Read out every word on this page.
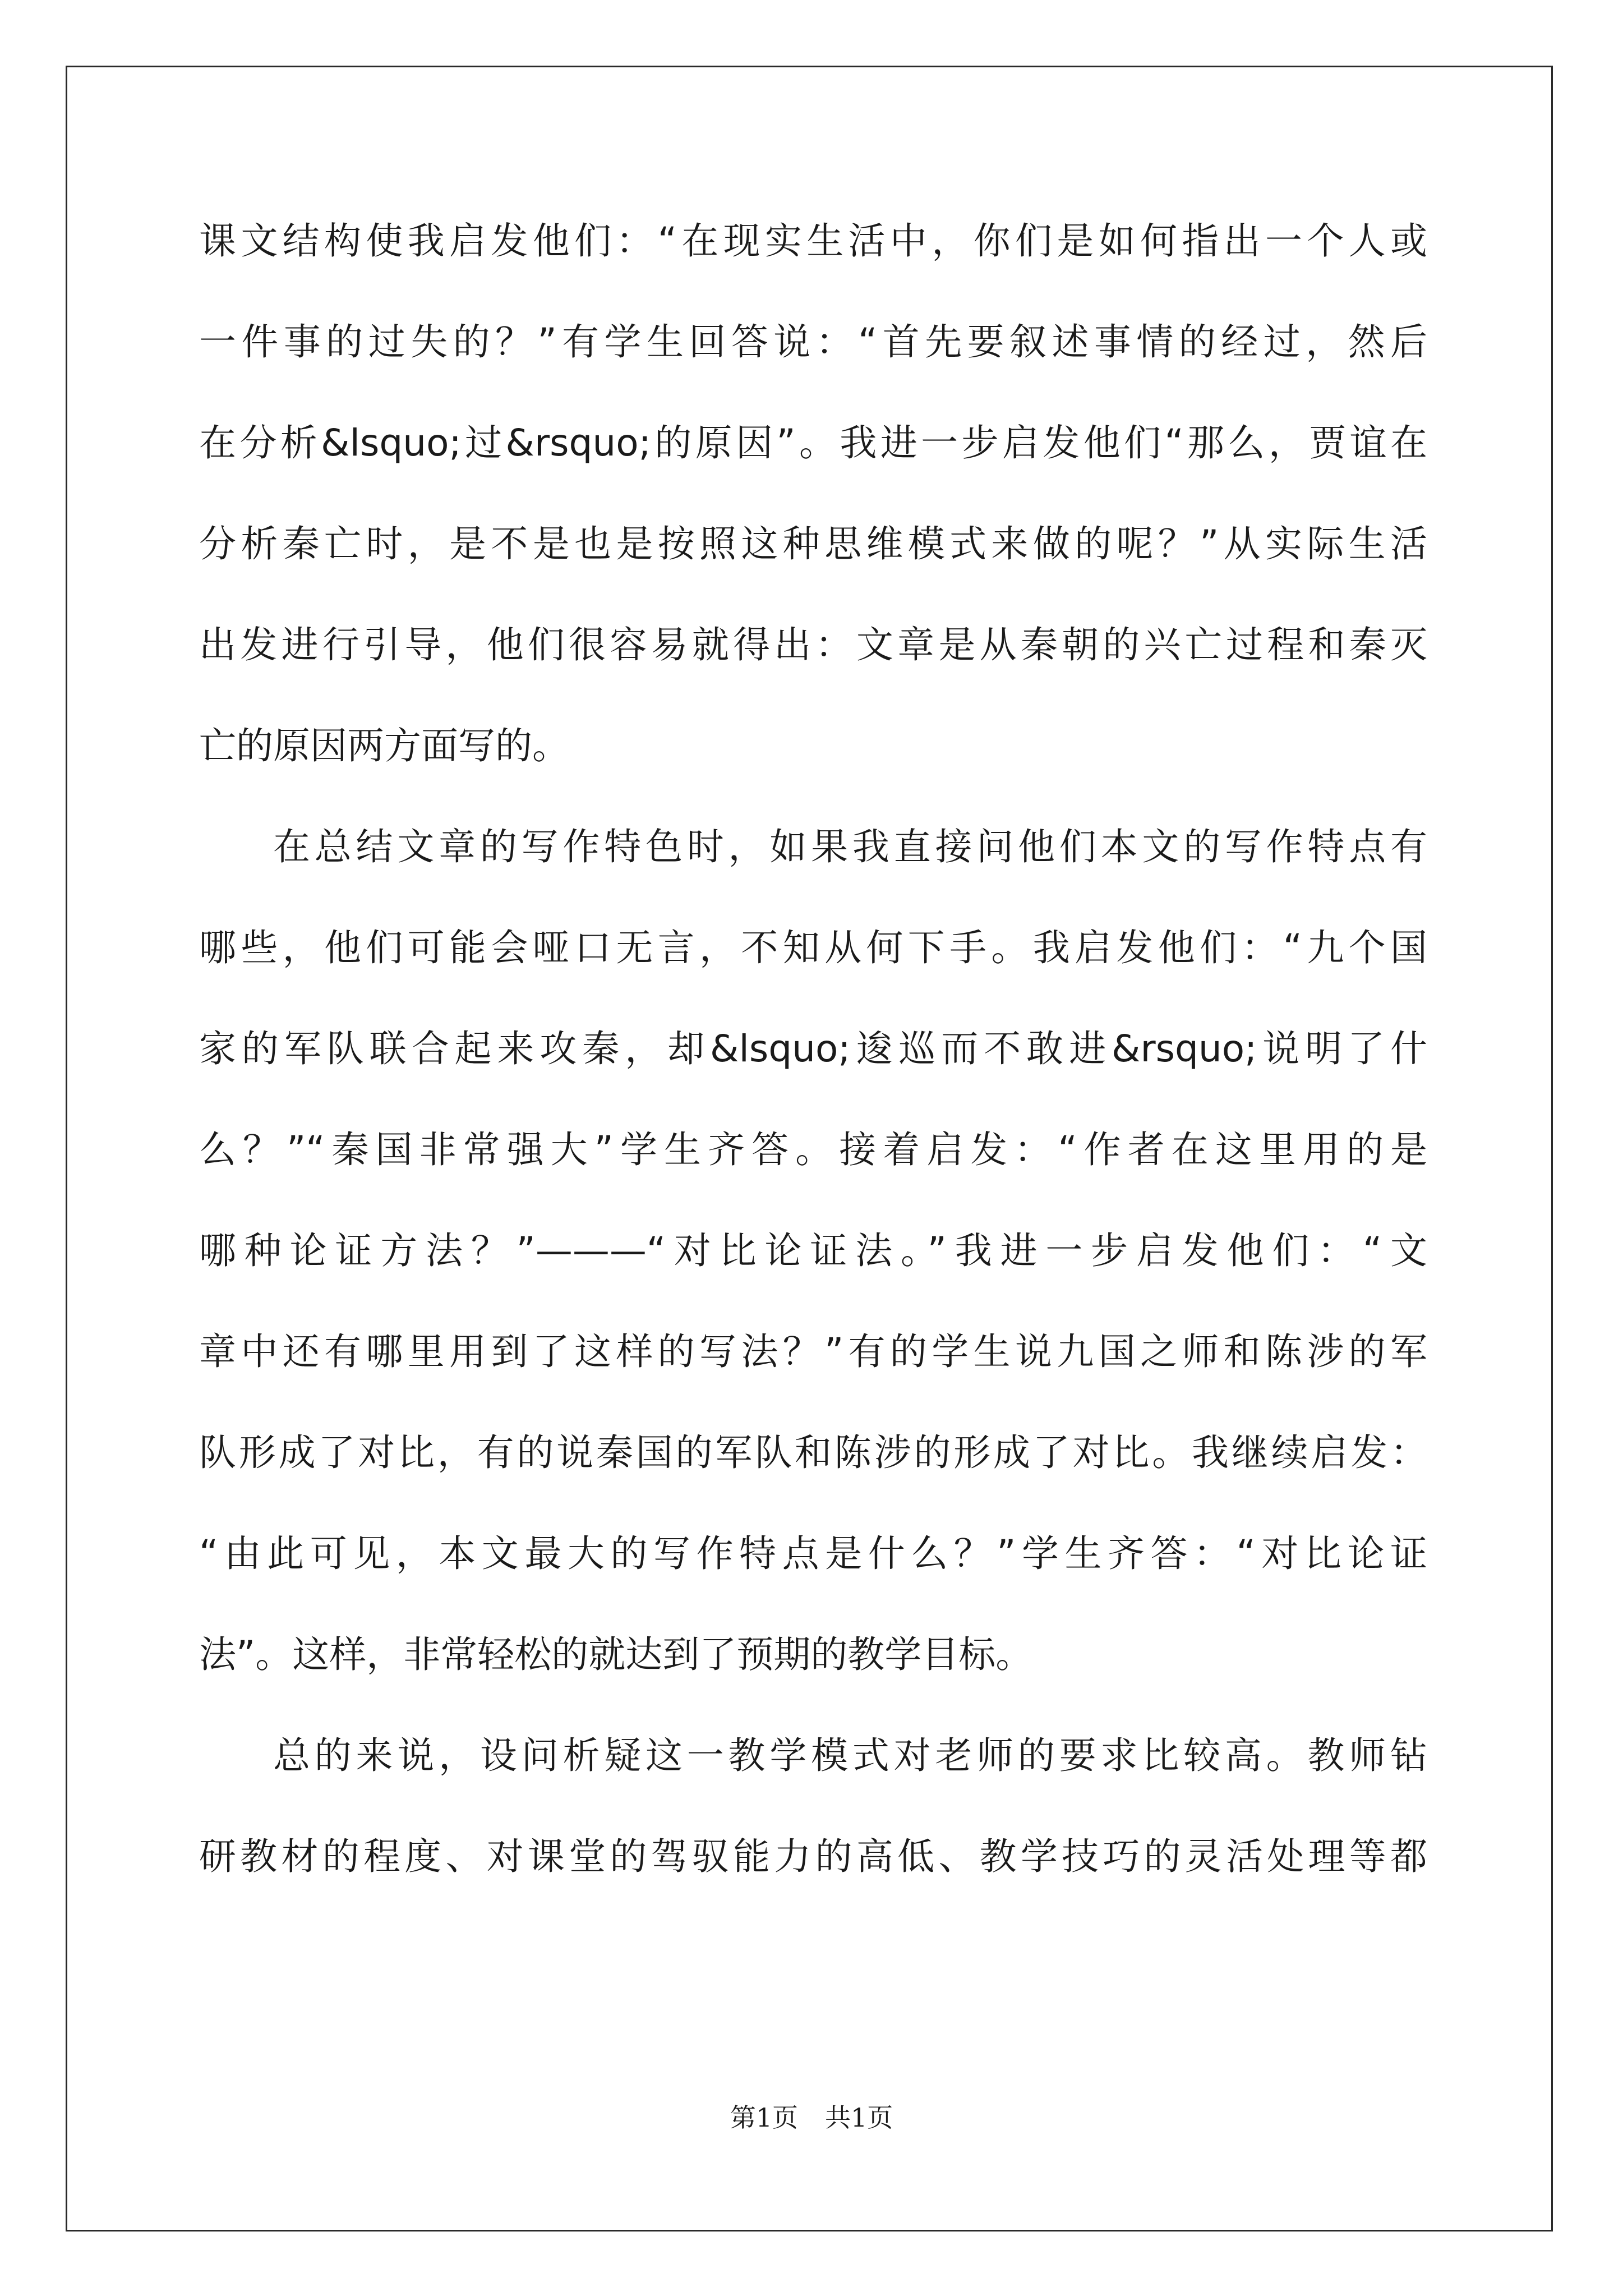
课文结构使我启发他们：“在现实生活中，你们是如何指出一个人或
一件事的过失的？”有学生回答说：“首先要叙述事情的经过，然后
在分析&lsquo;过&rsquo;的原因”。我进一步启发他们“那么，贾谊在
分析秦亡时，是不是也是按照这种思维模式来做的呢？”从实际生活
出发进行引导，他们很容易就得出：文章是从秦朝的兴亡过程和秦灭
亡的原因两方面写的。
在总结文章的写作特色时，如果我直接问他们本文的写作特点有
哪些，他们可能会哑口无言，不知从何下手。我启发他们：“九个国
家的军队联合起来攻秦，却&lsquo;逡巡而不敢进&rsquo;说明了什
么？”“秦国非常强大”学生齐答。接着启发：“作者在这里用的是
哪种论证方法？”———“对比论证法。”我进一步启发他们：“文
章中还有哪里用到了这样的写法？”有的学生说九国之师和陈涉的军
队形成了对比，有的说秦国的军队和陈涉的形成了对比。我继续启发：
“由此可见，本文最大的写作特点是什么？”学生齐答：“对比论证
法”。这样，非常轻松的就达到了预期的教学目标。
总的来说，设问析疑这一教学模式对老师的要求比较高。教师钻
研教材的程度、对课堂的驾驭能力的高低、教学技巧的灵活处理等都
第1页 共1页
